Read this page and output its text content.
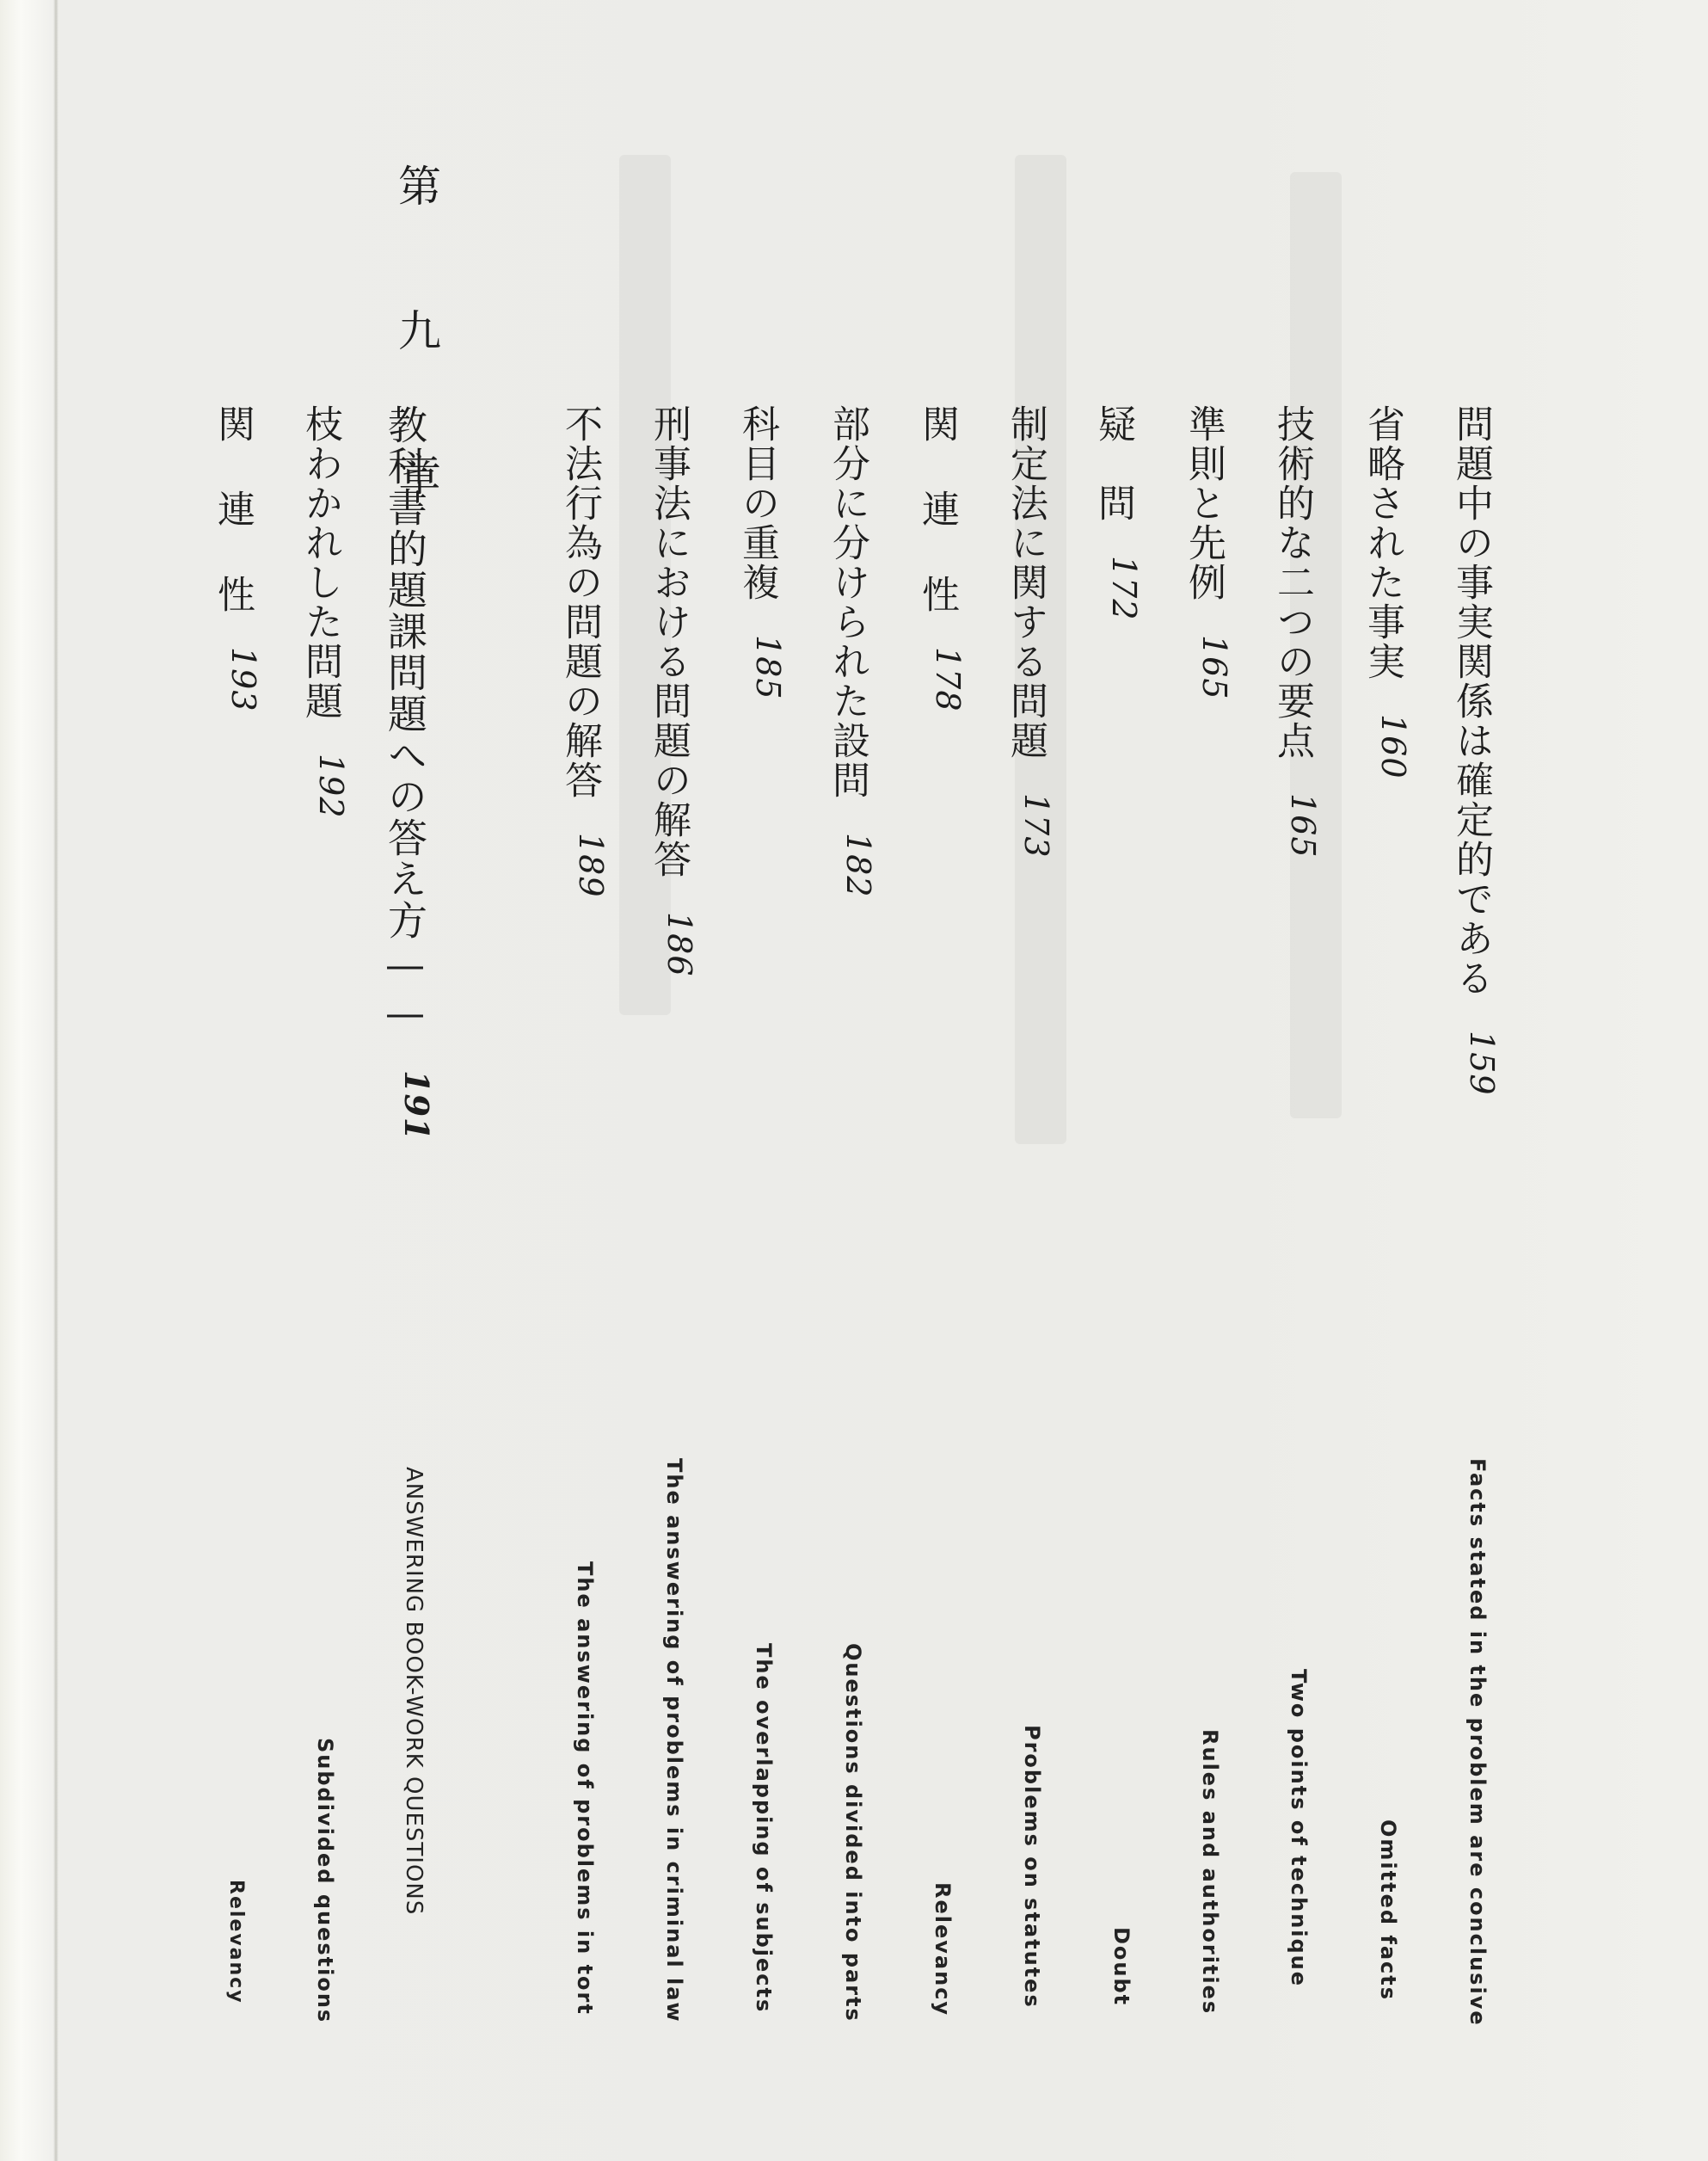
問題中の事実関係は確定的である159
省略された事実160
技術的な二つの要点165
準則と先例165
疑　問172
制定法に関する問題173
関 連 性178
部分に分けられた設問182
科目の重複185
刑事法における問題の解答186
不法行為の問題の解答189
第 九 章
教科書的題課問題への答え方——191
枝わかれした問題192
関 連 性193
Facts stated in the problem are conclusive
Omitted facts
Two points of technique
Rules and authorities
Doubt
Problems on statutes
Relevancy
Questions divided into parts
The overlapping of subjects
The answering of problems in criminal law
The answering of problems in tort
ANSWERING BOOK-WORK QUESTIONS
Subdivided questions
Relevancy
